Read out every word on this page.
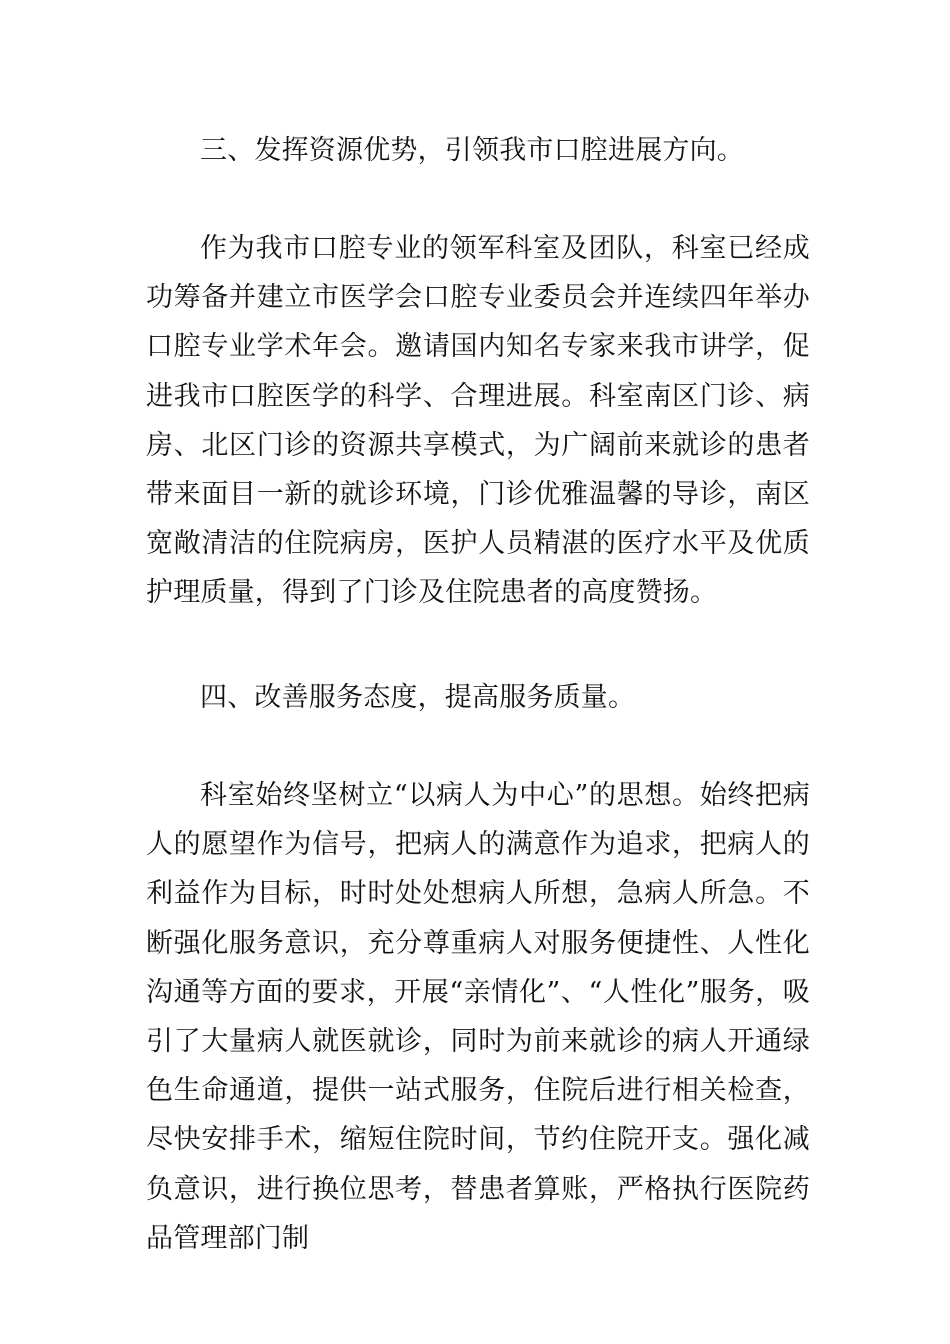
三、发挥资源优势，引领我市口腔进展方向。

作为我市口腔专业的领军科室及团队，科室已经成功筹备并建立市医学会口腔专业委员会并连续四年举办口腔专业学术年会。邀请国内知名专家来我市讲学，促进我市口腔医学的科学、合理进展。科室南区门诊、病房、北区门诊的资源共享模式，为广阔前来就诊的患者带来面目一新的就诊环境，门诊优雅温馨的导诊，南区宽敞清洁的住院病房，医护人员精湛的医疗水平及优质护理质量，得到了门诊及住院患者的高度赞扬。

四、改善服务态度，提高服务质量。

科室始终坚树立“以病人为中心”的思想。始终把病人的愿望作为信号，把病人的满意作为追求，把病人的利益作为目标，时时处处想病人所想，急病人所急。不断强化服务意识，充分尊重病人对服务便捷性、人性化沟通等方面的要求，开展“亲情化”、“人性化”服务，吸引了大量病人就医就诊，同时为前来就诊的病人开通绿色生命通道，提供一站式服务，住院后进行相关检查，尽快安排手术，缩短住院时间，节约住院开支。强化减负意识，进行换位思考，替患者算账，严格执行医院药品管理部门制
